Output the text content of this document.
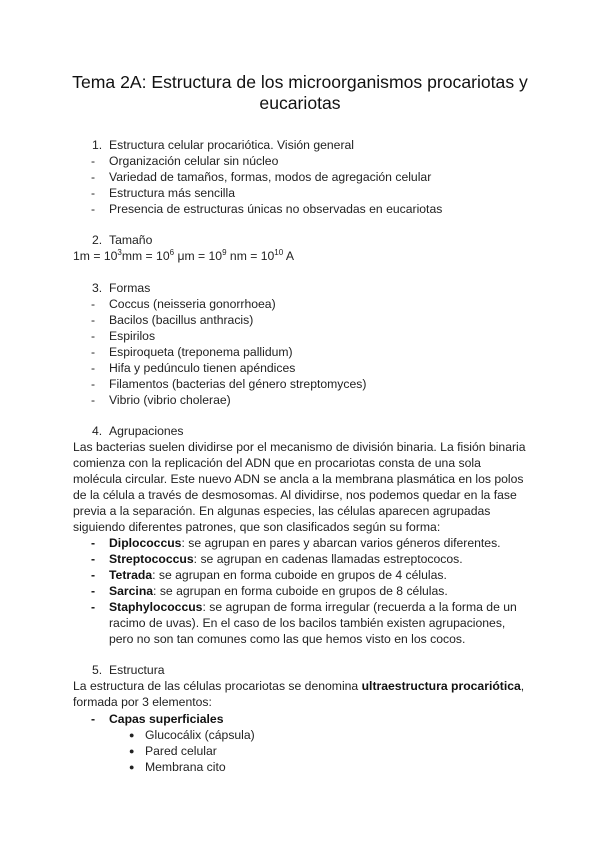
Tema 2A: Estructura de los microorganismos procariotas y
eucariotas
1. Estructura celular procariótica. Visión general
- Organización celular sin núcleo
- Variedad de tamaños, formas, modos de agregación celular
- Estructura más sencilla
- Presencia de estructuras únicas no observadas en eucariotas
2. Tamaño
$1m = 10^3mm = 10^6$ $\mu m = 10^9$ nm = $10^{10}$ A
3. Formas
- Coccus (neisseria gonorrhoea)
- Bacilos (bacillus anthracis)
- Espirilos
- Espiroqueta (treponema pallidum)
- Hifa y pedúnculo tienen apéndices
- Filamentos (bacterias del género streptomyces)
- Vibrio (vibrio cholerae)
4. Agrupaciones
Las bacterias suelen dividirse por el mecanismo de división binaria. La fisión binaria
comienza con la replicación del ADN que en procariotas consta de una sola
molécula circular. Este nuevo ADN se ancla a la membrana plasmática en los polos
de la célula a través de desmosomas. Al dividirse, nos podemos quedar en la fase
previa a la separación. En algunas especies, las células aparecen agrupadas
siguiendo diferentes patrones, que son clasificados según su forma:
- Diplococcus: se agrupan en pares y abarcan varios géneros diferentes.
- Streptococcus: se agrupan en cadenas llamadas estreptococos.
- Tetrada: se agrupan en forma cuboide en grupos de 4 células.
- Sarcina: se agrupan en forma cuboide en grupos de 8 células.
- Staphylococcus: se agrupan de forma irregular (recuerda a la forma de un
racimo de uvas). En el caso de los bacilos también existen agrupaciones,
pero no son tan comunes como las que hemos visto en los cocos.
5. Estructura
La estructura de las células procariotas se denomina ultraestructura procariótica,
formada por 3 elementos:
- Capas superficiales
● Glucocálix (cápsula)
● Pared celular
● Membrana cito
